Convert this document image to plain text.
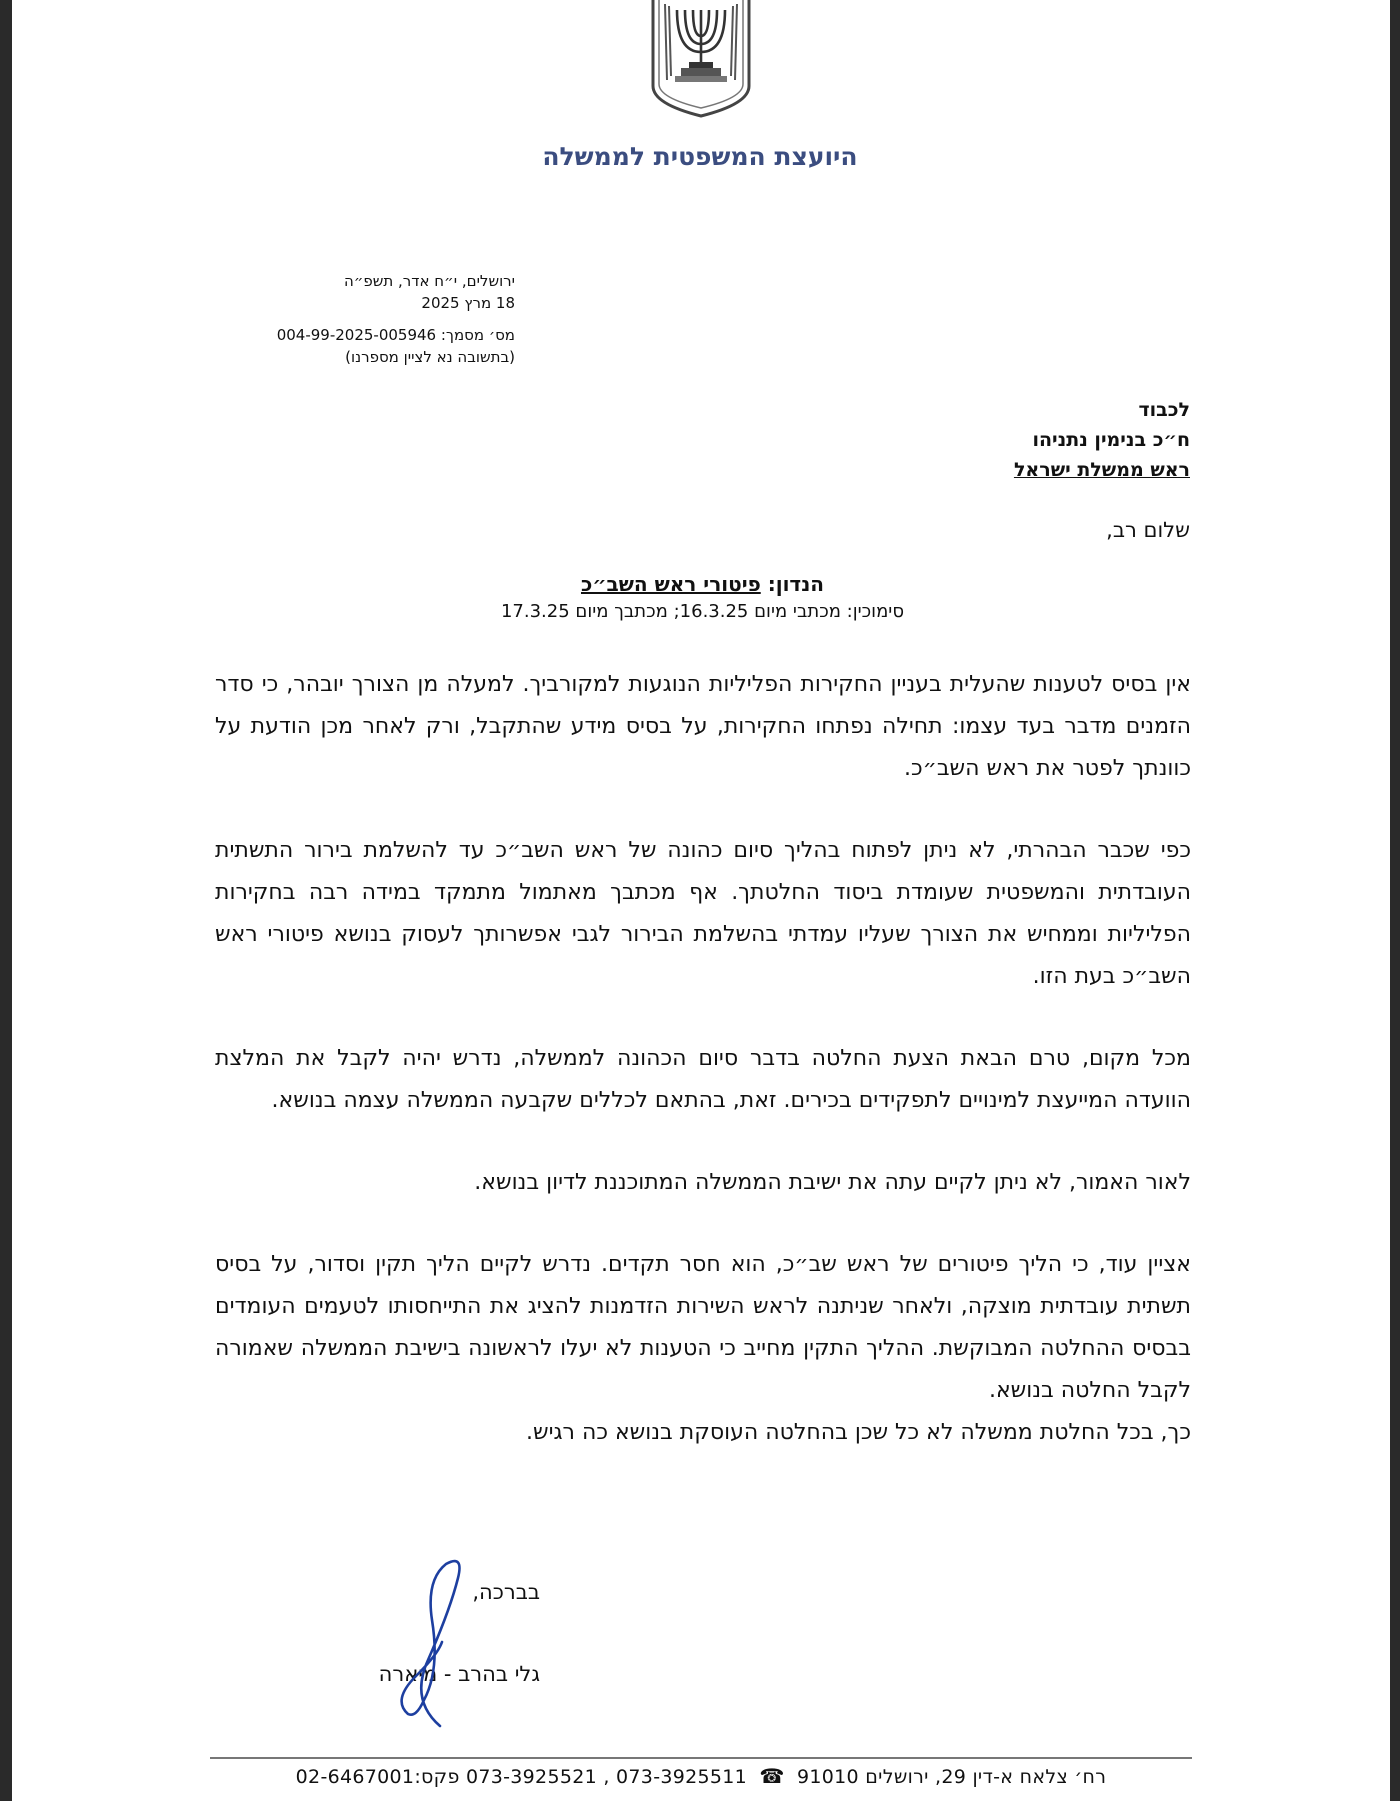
היועצת המשפטית לממשלה
ירושלים, י״ח אדר, תשפ״ה
18 מרץ 2025
מס׳ מסמך: 004-99-2025-005946
(בתשובה נא לציין מספרנו)
לכבוד
ח״כ בנימין נתניהו
ראש ממשלת ישראל
שלום רב,
הנדון: פיטורי ראש השב״כ
סימוכין: מכתבי מיום 16.3.25; מכתבך מיום 17.3.25

אין בסיס לטענות שהעלית בעניין החקירות הפליליות הנוגעות למקורביך. למעלה מן הצורך יובהר, כי סדר הזמנים מדבר בעד עצמו: תחילה נפתחו החקירות, על בסיס מידע שהתקבל, ורק לאחר מכן הודעת על כוונתך לפטר את ראש השב״כ.

כפי שכבר הבהרתי, לא ניתן לפתוח בהליך סיום כהונה של ראש השב״כ עד להשלמת בירור התשתית העובדתית והמשפטית שעומדת ביסוד החלטתך. אף מכתבך מאתמול מתמקד במידה רבה בחקירות הפליליות וממחיש את הצורך שעליו עמדתי בהשלמת הבירור לגבי אפשרותך לעסוק בנושא פיטורי ראש השב״כ בעת הזו.

מכל מקום, טרם הבאת הצעת החלטה בדבר סיום הכהונה לממשלה, נדרש יהיה לקבל את המלצת הוועדה המייעצת למינויים לתפקידים בכירים. זאת, בהתאם לכללים שקבעה הממשלה עצמה בנושא.

לאור האמור, לא ניתן לקיים עתה את ישיבת הממשלה המתוכננת לדיון בנושא.

אציין עוד, כי הליך פיטורים של ראש שב״כ, הוא חסר תקדים. נדרש לקיים הליך תקין וסדור, על בסיס תשתית עובדתית מוצקה, ולאחר שניתנה לראש השירות הזדמנות להציג את התייחסותו לטעמים העומדים בבסיס ההחלטה המבוקשת. ההליך התקין מחייב כי הטענות לא יעלו לראשונה בישיבת הממשלה שאמורה לקבל החלטה בנושא.

כך, בכל החלטת ממשלה לא כל שכן בהחלטה העוסקת בנושא כה רגיש.

בברכה,
גלי בהרב - מיארה
רח׳ צלאח א-דין 29, ירושלים 91010 ☎ 073-3925511 , 073-3925521 פקס:02-6467001
